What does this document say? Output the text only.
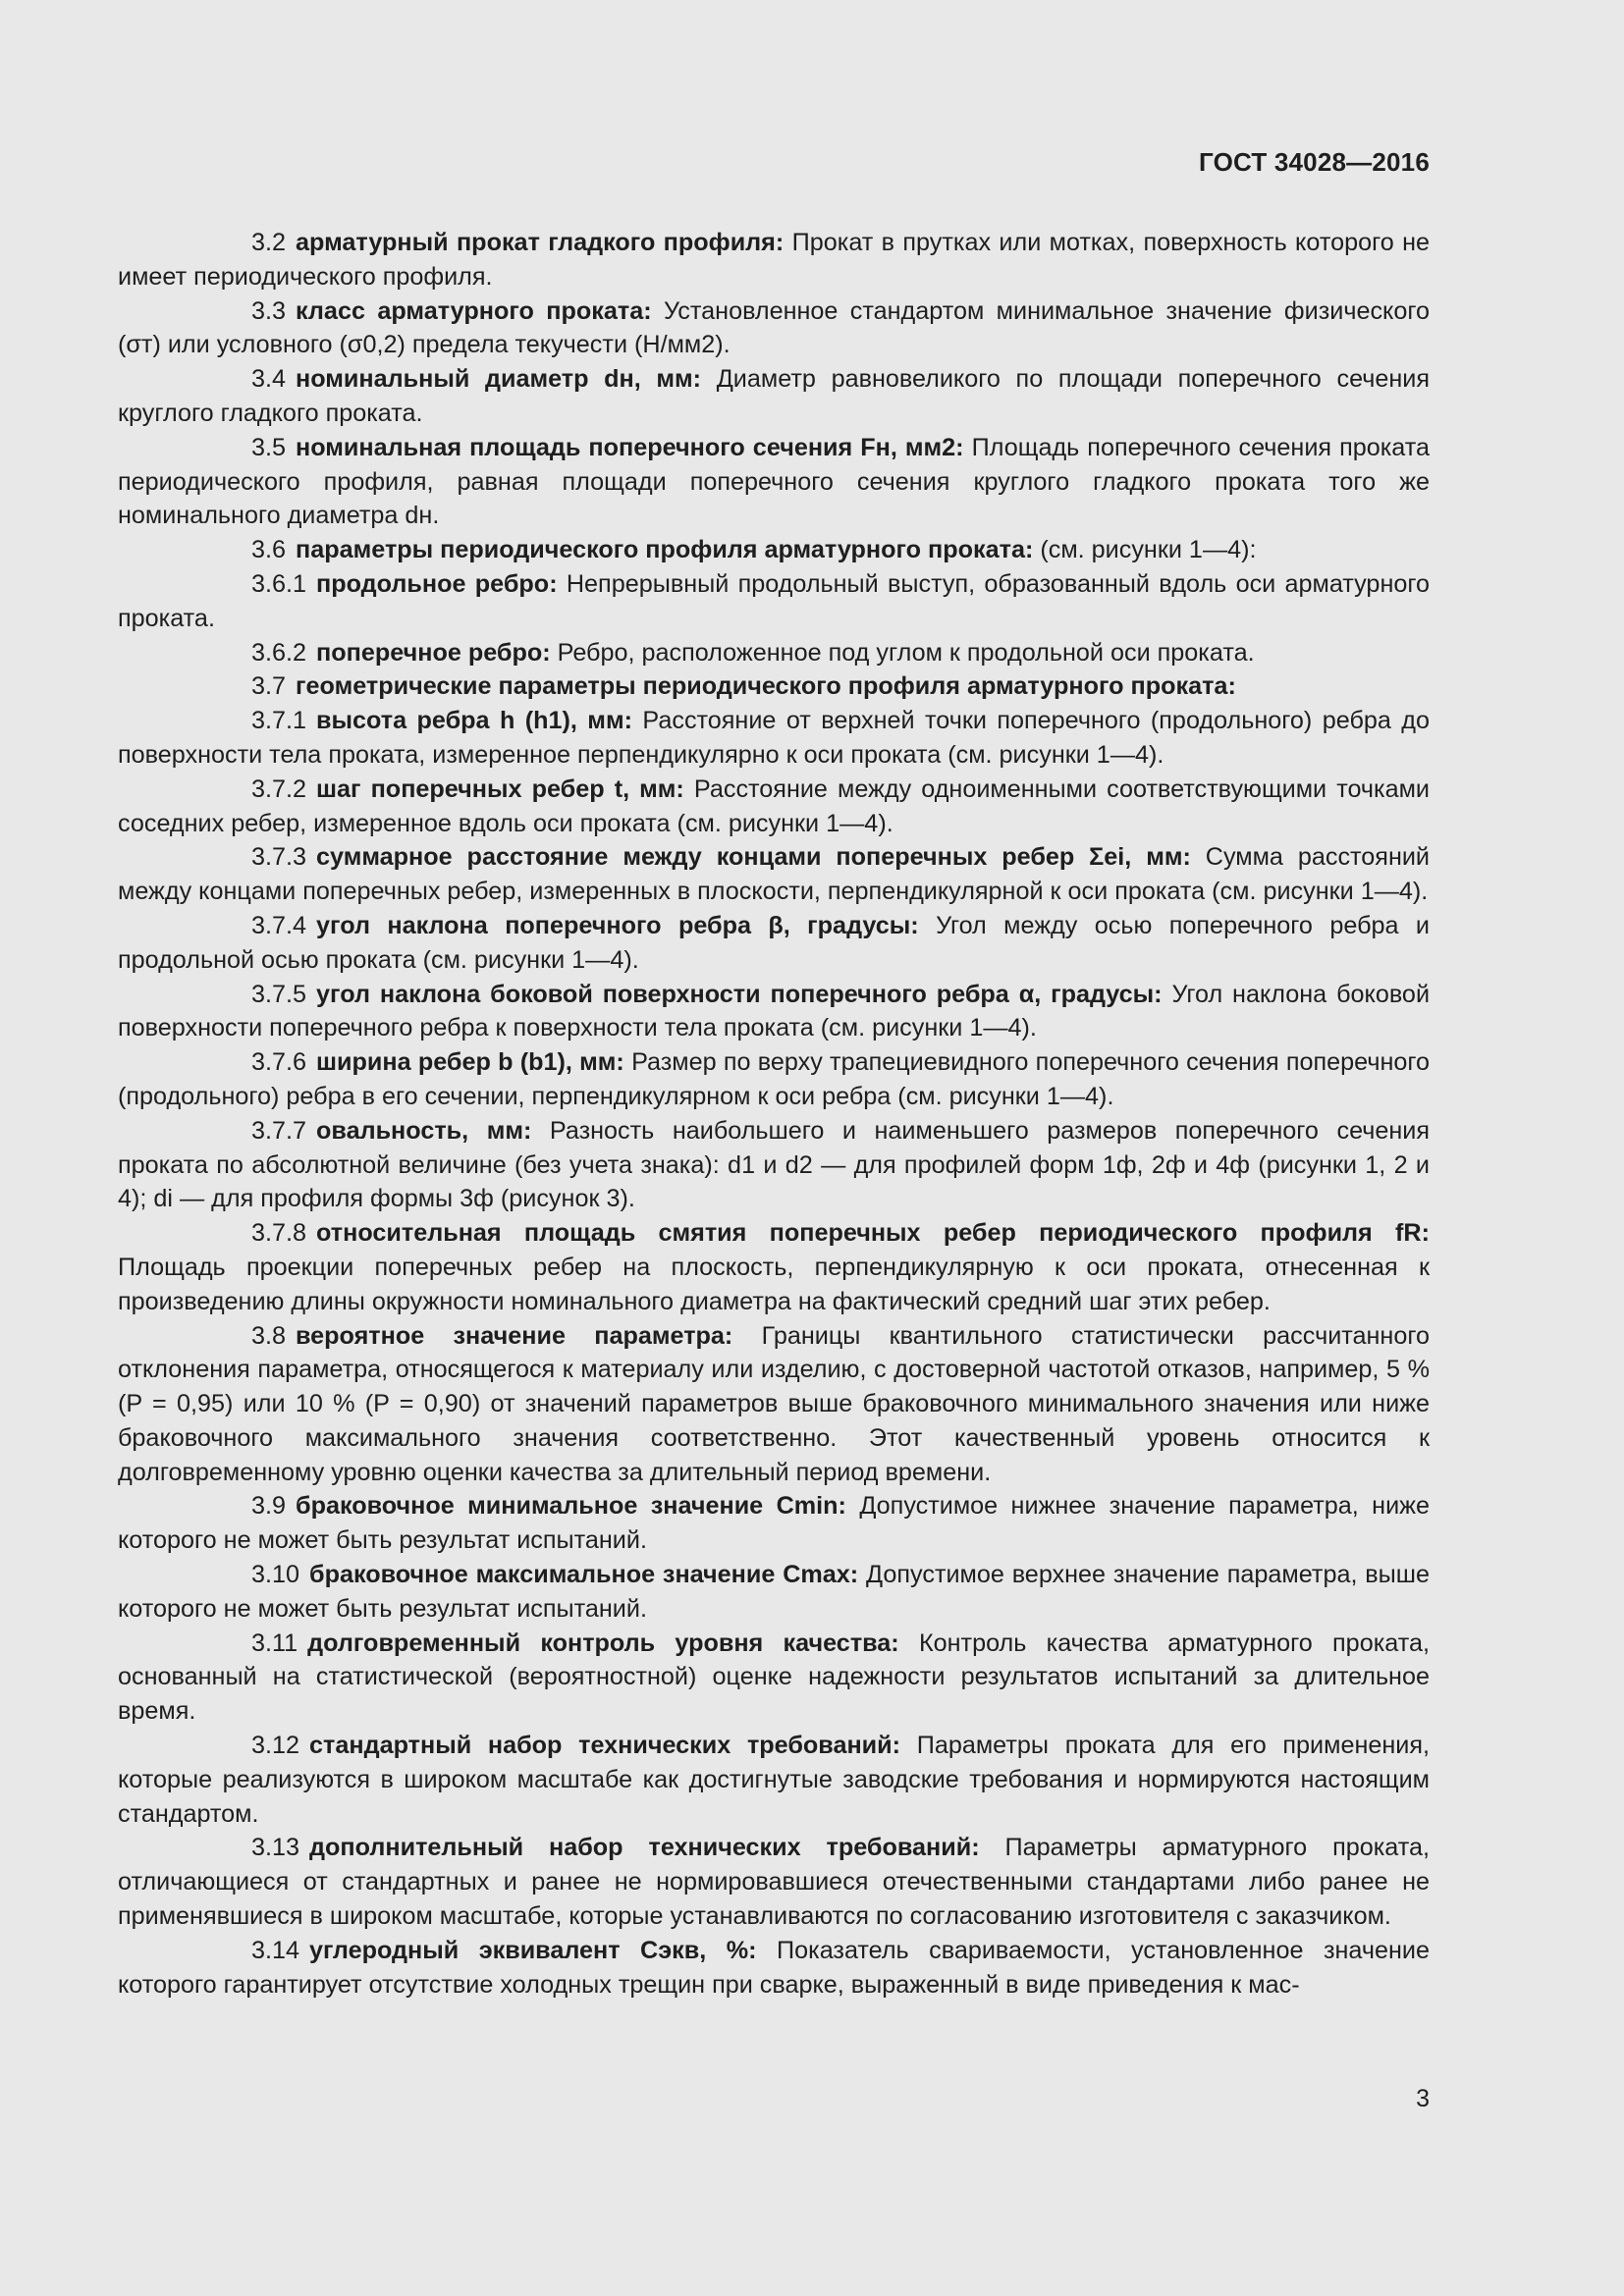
ГОСТ 34028—2016

3.2 арматурный прокат гладкого профиля: Прокат в прутках или мотках, поверхность которого не имеет периодического профиля.

3.3 класс арматурного проката: Установленное стандартом минимальное значение физического (σт) или условного (σ0,2) предела текучести (Н/мм2).

3.4 номинальный диаметр dн, мм: Диаметр равновеликого по площади поперечного сечения круглого гладкого проката.

3.5 номинальная площадь поперечного сечения Fн, мм2: Площадь поперечного сечения проката периодического профиля, равная площади поперечного сечения круглого гладкого проката того же номинального диаметра dн.

3.6 параметры периодического профиля арматурного проката: (см. рисунки 1—4):

3.6.1 продольное ребро: Непрерывный продольный выступ, образованный вдоль оси арматурного проката.

3.6.2 поперечное ребро: Ребро, расположенное под углом к продольной оси проката.

3.7 геометрические параметры периодического профиля арматурного проката:

3.7.1 высота ребра h (h1), мм: Расстояние от верхней точки поперечного (продольного) ребра до поверхности тела проката, измеренное перпендикулярно к оси проката (см. рисунки 1—4).

3.7.2 шаг поперечных ребер t, мм: Расстояние между одноименными соответствующими точками соседних ребер, измеренное вдоль оси проката (см. рисунки 1—4).

3.7.3 суммарное расстояние между концами поперечных ребер Σei, мм: Сумма расстояний между концами поперечных ребер, измеренных в плоскости, перпендикулярной к оси проката (см. рисунки 1—4).

3.7.4 угол наклона поперечного ребра β, градусы: Угол между осью поперечного ребра и продольной осью проката (см. рисунки 1—4).

3.7.5 угол наклона боковой поверхности поперечного ребра α, градусы: Угол наклона боковой поверхности поперечного ребра к поверхности тела проката (см. рисунки 1—4).

3.7.6 ширина ребер b (b1), мм: Размер по верху трапециевидного поперечного сечения поперечного (продольного) ребра в его сечении, перпендикулярном к оси ребра (см. рисунки 1—4).

3.7.7 овальность, мм: Разность наибольшего и наименьшего размеров поперечного сечения проката по абсолютной величине (без учета знака): d1 и d2 — для профилей форм 1ф, 2ф и 4ф (рисунки 1, 2 и 4); di — для профиля формы 3ф (рисунок 3).

3.7.8 относительная площадь смятия поперечных ребер периодического профиля fR: Площадь проекции поперечных ребер на плоскость, перпендикулярную к оси проката, отнесенная к произведению длины окружности номинального диаметра на фактический средний шаг этих ребер.

3.8 вероятное значение параметра: Границы квантильного статистически рассчитанного отклонения параметра, относящегося к материалу или изделию, с достоверной частотой отказов, например, 5 % (P = 0,95) или 10 % (P = 0,90) от значений параметров выше браковочного минимального значения или ниже браковочного максимального значения соответственно. Этот качественный уровень относится к долговременному уровню оценки качества за длительный период времени.

3.9 браковочное минимальное значение Cmin: Допустимое нижнее значение параметра, ниже которого не может быть результат испытаний.

3.10 браковочное максимальное значение Cmax: Допустимое верхнее значение параметра, выше которого не может быть результат испытаний.

3.11 долговременный контроль уровня качества: Контроль качества арматурного проката, основанный на статистической (вероятностной) оценке надежности результатов испытаний за длительное время.

3.12 стандартный набор технических требований: Параметры проката для его применения, которые реализуются в широком масштабе как достигнутые заводские требования и нормируются настоящим стандартом.

3.13 дополнительный набор технических требований: Параметры арматурного проката, отличающиеся от стандартных и ранее не нормировавшиеся отечественными стандартами либо ранее не применявшиеся в широком масштабе, которые устанавливаются по согласованию изготовителя с заказчиком.

3.14 углеродный эквивалент Сэкв, %: Показатель свариваемости, установленное значение которого гарантирует отсутствие холодных трещин при сварке, выраженный в виде приведения к мас-

3
